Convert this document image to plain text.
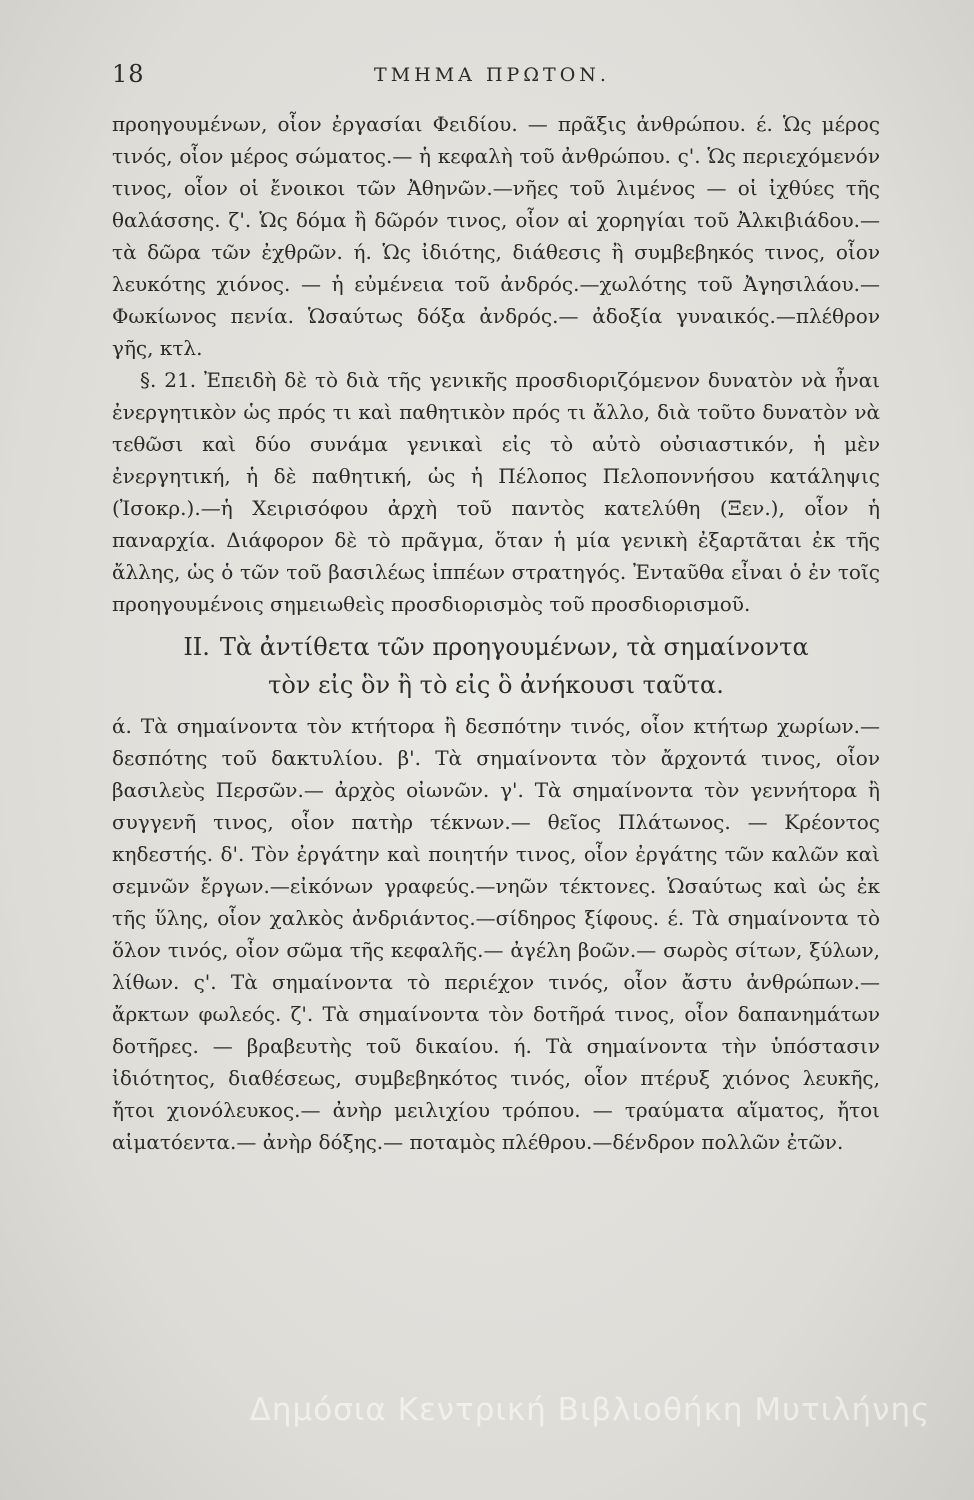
18	ΤΜΗΜΑ ΠΡΩΤΟΝ.

προηγουμένων, οἷον ἐργασίαι Φειδίου. — πρᾶξις ἀνθρώπου. έ. Ὡς μέρος τινός, οἷον μέρος σώματος.— ἡ κεφαλὴ τοῦ ἀνθρώπου. ς'. Ὡς περιεχόμενόν τινος, οἷον οἱ ἔνοικοι τῶν Ἀθηνῶν.—νῆες τοῦ λιμένος — οἱ ἰχθύες τῆς θαλάσσης. ζ'. Ὡς δόμα ἢ δῶρόν τινος, οἷον αἱ χορηγίαι τοῦ Ἀλκιβιάδου.—τὰ δῶρα τῶν ἐχθρῶν. ή. Ὡς ἰδιότης, διάθεσις ἢ συμβεβηκός τινος, οἷον λευκότης χιόνος. — ἡ εὐμένεια τοῦ ἀνδρός.—χωλότης τοῦ Ἀγησιλάου.—Φωκίωνος πενία. Ὡσαύτως δόξα ἀνδρός.— ἀδοξία γυναικός.—πλέθρον γῆς, κτλ.

§. 21. Ἐπειδὴ δὲ τὸ διὰ τῆς γενικῆς προσδιοριζόμενον δυνατὸν νὰ ἦναι ἐνεργητικὸν ὡς πρός τι καὶ παθητικὸν πρός τι ἄλλο, διὰ τοῦτο δυνατὸν νὰ τεθῶσι καὶ δύο συνάμα γενικαὶ εἰς τὸ αὐτὸ οὐσιαστικόν, ἡ μὲν ἐνεργητική, ἡ δὲ παθητική, ὡς ἡ Πέλοπος Πελοποννήσου κατάληψις (Ἰσοκρ.).—ἡ Χειρισόφου ἀρχὴ τοῦ παντὸς κατελύθη (Ξεν.), οἷον ἡ παναρχία. Διάφορον δὲ τὸ πρᾶγμα, ὅταν ἡ μία γενικὴ ἐξαρτᾶται ἐκ τῆς ἄλλης, ὡς ὁ τῶν τοῦ βασιλέως ἱππέων στρατηγός. Ἐνταῦθα εἶναι ὁ ἐν τοῖς προηγουμένοις σημειωθεὶς προσδιορισμὸς τοῦ προσδιορισμοῦ.

II. Τὰ ἀντίθετα τῶν προηγουμένων, τὰ σημαίνοντα
τὸν εἰς ὃν ἢ τὸ εἰς ὃ ἀνήκουσι ταῦτα.

ά. Τὰ σημαίνοντα τὸν κτήτορα ἢ δεσπότην τινός, οἷον κτήτωρ χωρίων.—δεσπότης τοῦ δακτυλίου. β'. Τὰ σημαίνοντα τὸν ἄρχοντά τινος, οἷον βασιλεὺς Περσῶν.— ἀρχὸς οἰωνῶν. γ'. Τὰ σημαίνοντα τὸν γεννήτορα ἢ συγγενῆ τινος, οἷον πατὴρ τέκνων.— θεῖος Πλάτωνος. — Κρέοντος κηδεστής. δ'. Τὸν ἐργάτην καὶ ποιητήν τινος, οἷον ἐργάτης τῶν καλῶν καὶ σεμνῶν ἔργων.—εἰκόνων γραφεύς.—νηῶν τέκτονες. Ὡσαύτως καὶ ὡς ἐκ τῆς ὕλης, οἷον χαλκὸς ἀνδριάντος.—σίδηρος ξίφους. έ. Τὰ σημαίνοντα τὸ ὅλον τινός, οἷον σῶμα τῆς κεφαλῆς.— ἀγέλη βοῶν.— σωρὸς σίτων, ξύλων, λίθων. ς'. Τὰ σημαίνοντα τὸ περιέχον τινός, οἷον ἄστυ ἀνθρώπων.— ἄρκτων φωλεός. ζ'. Τὰ σημαίνοντα τὸν δοτῆρά τινος, οἷον δαπανημάτων δοτῆρες. — βραβευτὴς τοῦ δικαίου. ή. Τὰ σημαίνοντα τὴν ὑπόστασιν ἰδιότητος, διαθέσεως, συμβεβηκότος τινός, οἷον πτέρυξ χιόνος λευκῆς, ἤτοι χιονόλευκος.— ἀνὴρ μειλιχίου τρόπου. — τραύματα αἵματος, ἤτοι αἱματόεντα.— ἀνὴρ δόξης.— ποταμὸς πλέθρου.—δένδρον πολλῶν ἐτῶν.

Δημόσια Κεντρική Βιβλιοθήκη Μυτιλήνης
